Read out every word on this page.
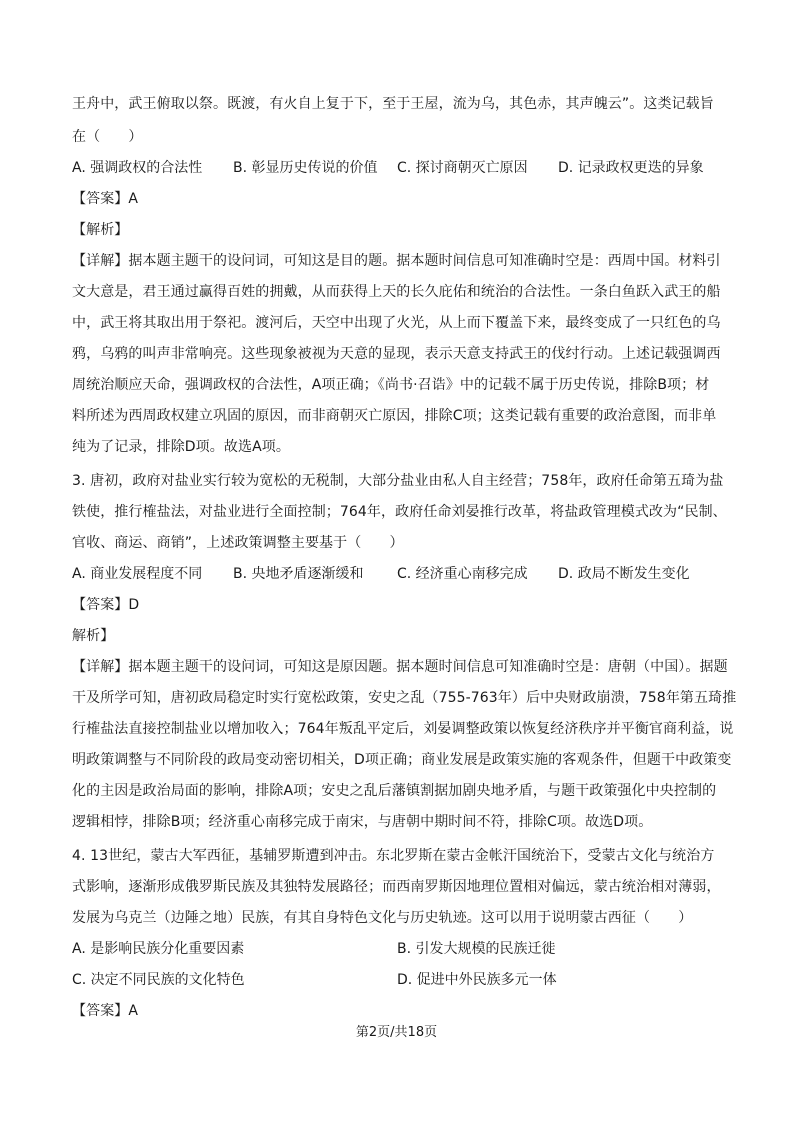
王舟中，武王俯取以祭。既渡，有火自上复于下，至于王屋，流为乌，其色赤，其声魄云”。这类记载旨
在（　　）
A. 强调政权的合法性 B. 彰显历史传说的价值 C. 探讨商朝灭亡原因 D. 记录政权更迭的异象
【答案】A
【解析】
【详解】据本题主题干的设问词，可知这是目的题。据本题时间信息可知准确时空是：西周中国。材料引
文大意是，君王通过赢得百姓的拥戴，从而获得上天的长久庇佑和统治的合法性。一条白鱼跃入武王的船
中，武王将其取出用于祭祀。渡河后，天空中出现了火光，从上而下覆盖下来，最终变成了一只红色的乌
鸦，乌鸦的叫声非常响亮。这些现象被视为天意的显现，表示天意支持武王的伐纣行动。上述记载强调西
周统治顺应天命，强调政权的合法性，A项正确；《尚书·召诰》中的记载不属于历史传说，排除B项；材
料所述为西周政权建立巩固的原因，而非商朝灭亡原因，排除C项；这类记载有重要的政治意图，而非单
纯为了记录，排除D项。故选A项。
3. 唐初，政府对盐业实行较为宽松的无税制，大部分盐业由私人自主经营；758年，政府任命第五琦为盐
铁使，推行榷盐法，对盐业进行全面控制；764年，政府任命刘晏推行改革，将盐政管理模式改为“民制、
官收、商运、商销”，上述政策调整主要基于（　　）
A. 商业发展程度不同 B. 央地矛盾逐渐缓和 C. 经济重心南移完成 D. 政局不断发生变化
【答案】D
解析】
【详解】据本题主题干的设问词，可知这是原因题。据本题时间信息可知准确时空是：唐朝（中国）。据题
干及所学可知，唐初政局稳定时实行宽松政策，安史之乱（755-763年）后中央财政崩溃，758年第五琦推
行榷盐法直接控制盐业以增加收入；764年叛乱平定后，刘晏调整政策以恢复经济秩序并平衡官商利益，说
明政策调整与不同阶段的政局变动密切相关，D项正确；商业发展是政策实施的客观条件，但题干中政策变
化的主因是政治局面的影响，排除A项；安史之乱后藩镇割据加剧央地矛盾，与题干政策强化中央控制的
逻辑相悖，排除B项；经济重心南移完成于南宋，与唐朝中期时间不符，排除C项。故选D项。
4. 13世纪，蒙古大军西征，基辅罗斯遭到冲击。东北罗斯在蒙古金帐汗国统治下，受蒙古文化与统治方
式影响，逐渐形成俄罗斯民族及其独特发展路径；而西南罗斯因地理位置相对偏远，蒙古统治相对薄弱，
发展为乌克兰（边陲之地）民族，有其自身特色文化与历史轨迹。这可以用于说明蒙古西征（　　）
A. 是影响民族分化重要因素	B. 引发大规模的民族迁徙
C. 决定不同民族的文化特色	D. 促进中外民族多元一体
【答案】A
第2页/共18页
